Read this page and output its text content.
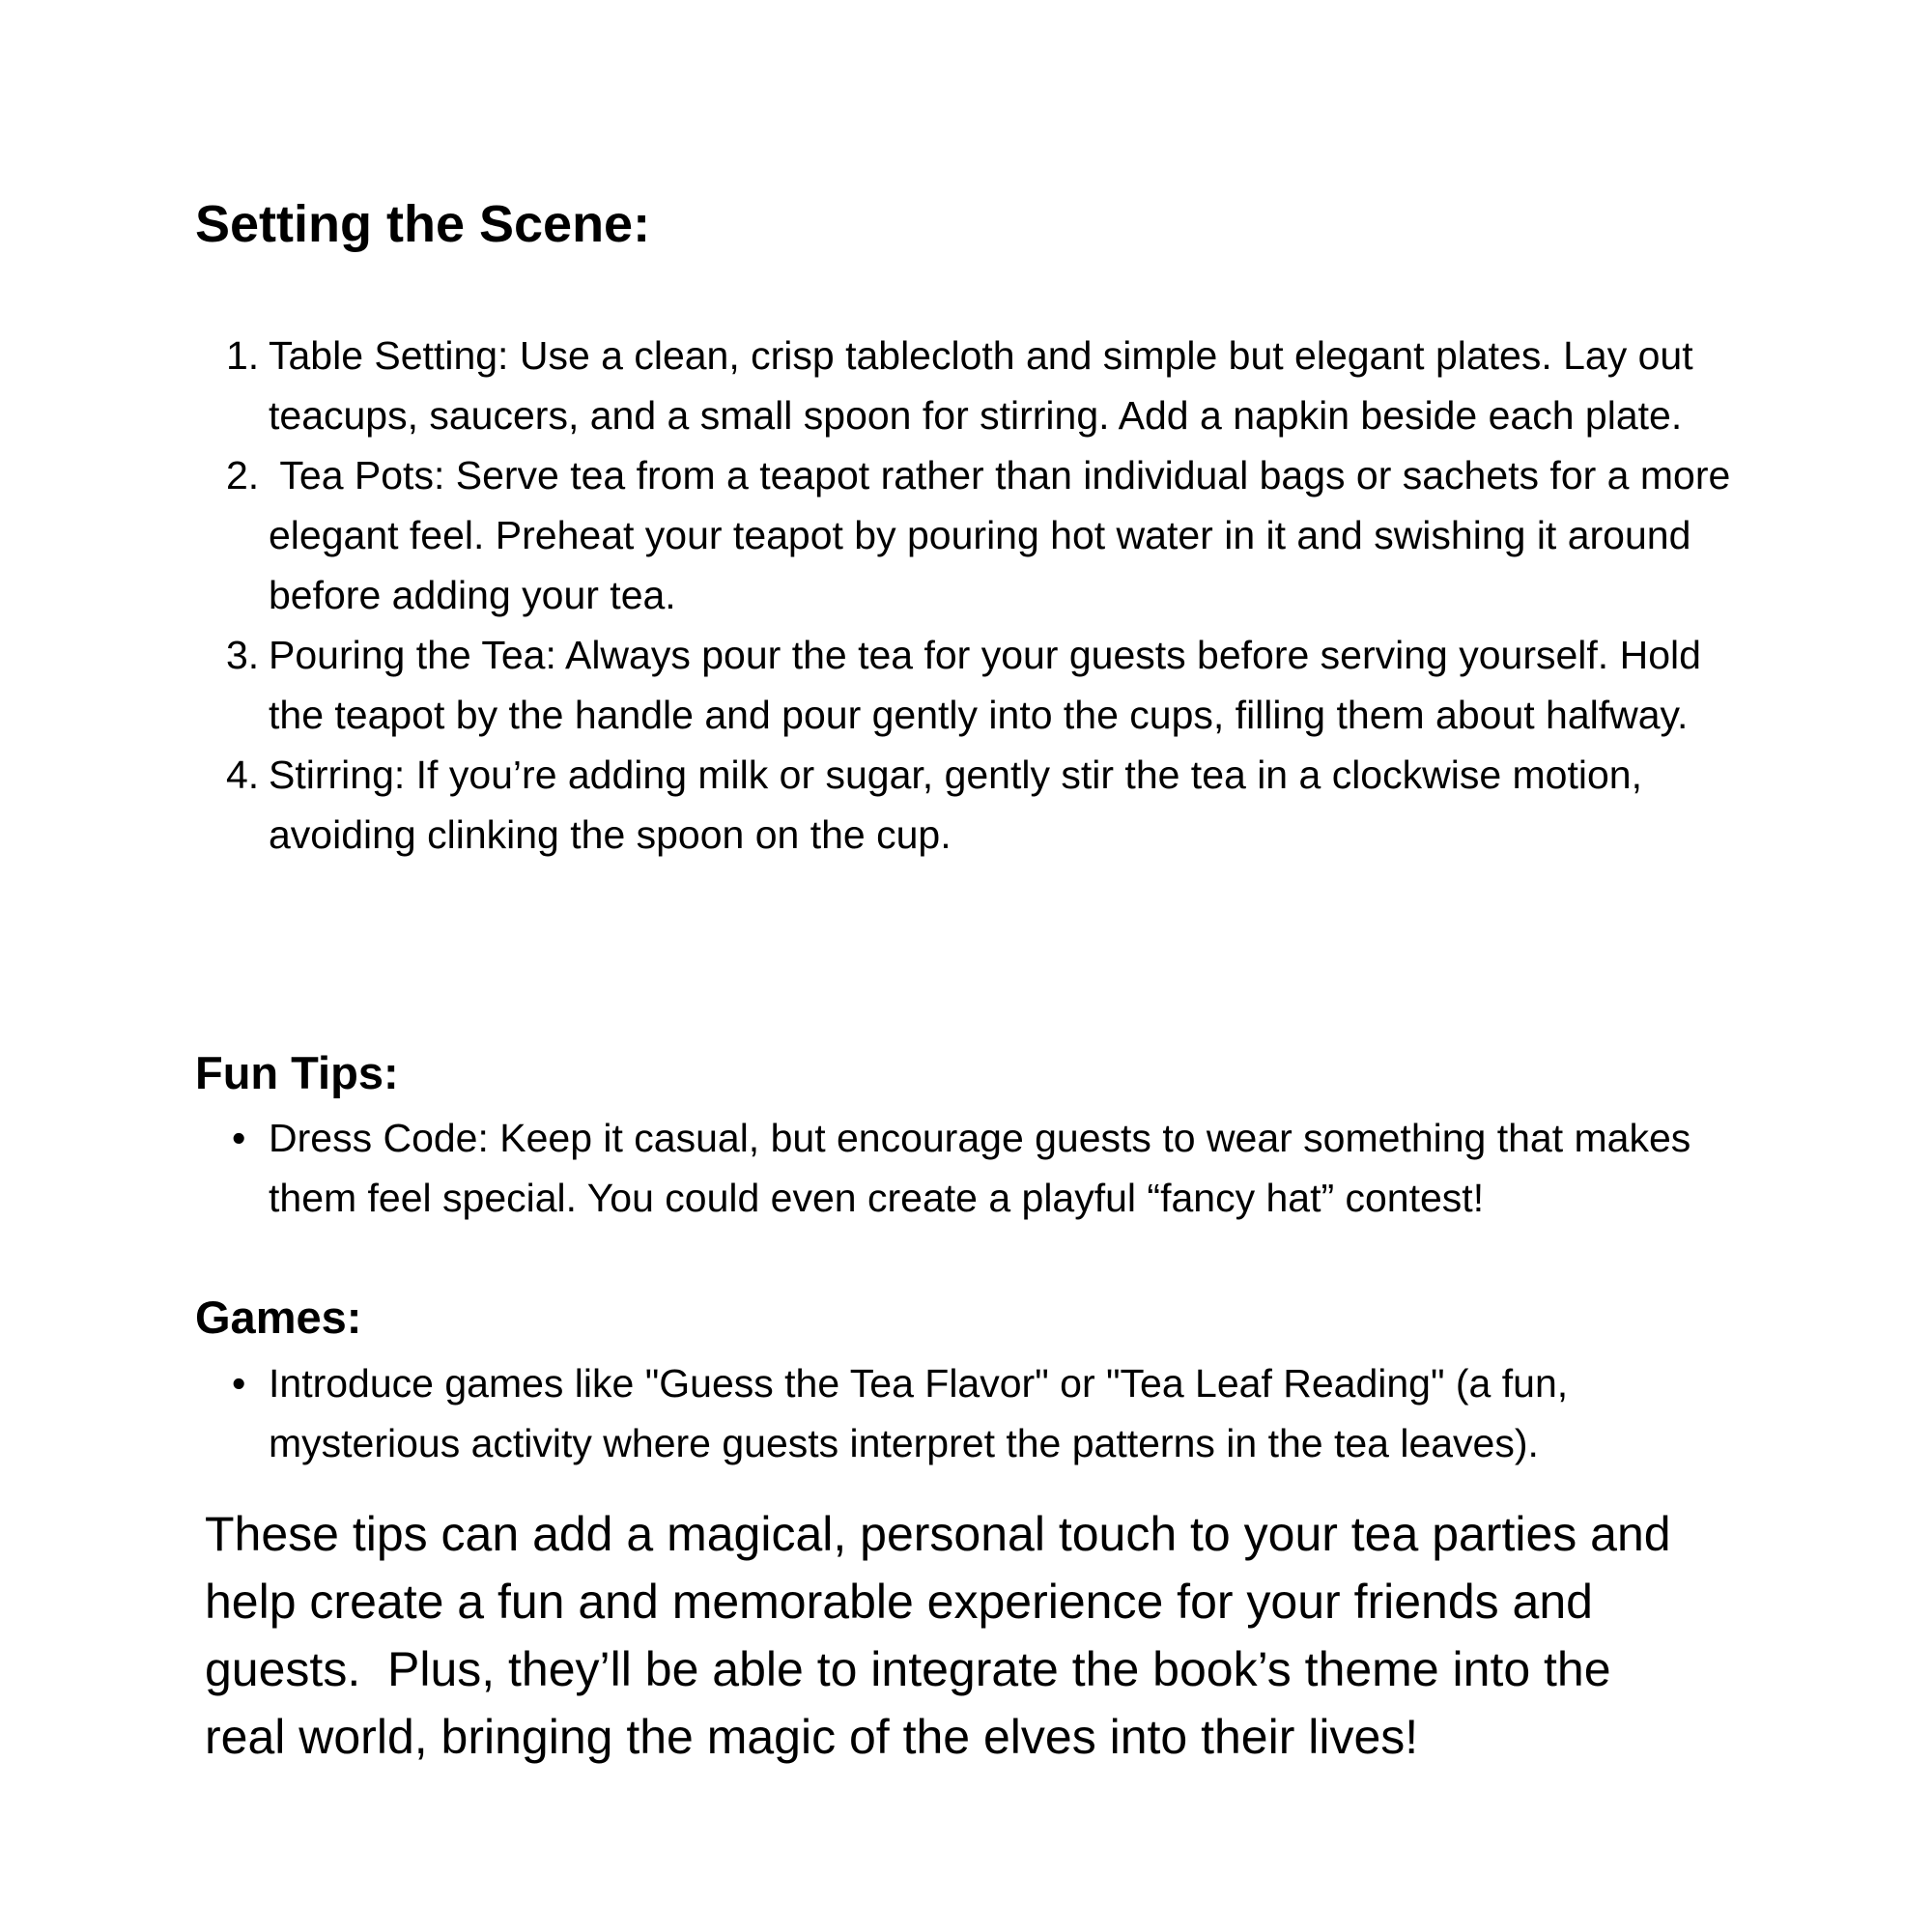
Setting the Scene:
1. Table Setting: Use a clean, crisp tablecloth and simple but elegant plates. Lay out teacups, saucers, and a small spoon for stirring. Add a napkin beside each plate.
2. Tea Pots: Serve tea from a teapot rather than individual bags or sachets for a more elegant feel. Preheat your teapot by pouring hot water in it and swishing it around before adding your tea.
3. Pouring the Tea: Always pour the tea for your guests before serving yourself. Hold the teapot by the handle and pour gently into the cups, filling them about halfway.
4. Stirring: If you’re adding milk or sugar, gently stir the tea in a clockwise motion, avoiding clinking the spoon on the cup.
Fun Tips:
• Dress Code: Keep it casual, but encourage guests to wear something that makes them feel special. You could even create a playful “fancy hat” contest!
Games:
• Introduce games like "Guess the Tea Flavor" or "Tea Leaf Reading" (a fun, mysterious activity where guests interpret the patterns in the tea leaves).

These tips can add a magical, personal touch to your tea parties and
help create a fun and memorable experience for your friends and
guests.  Plus, they’ll be able to integrate the book’s theme into the
real world, bringing the magic of the elves into their lives!
